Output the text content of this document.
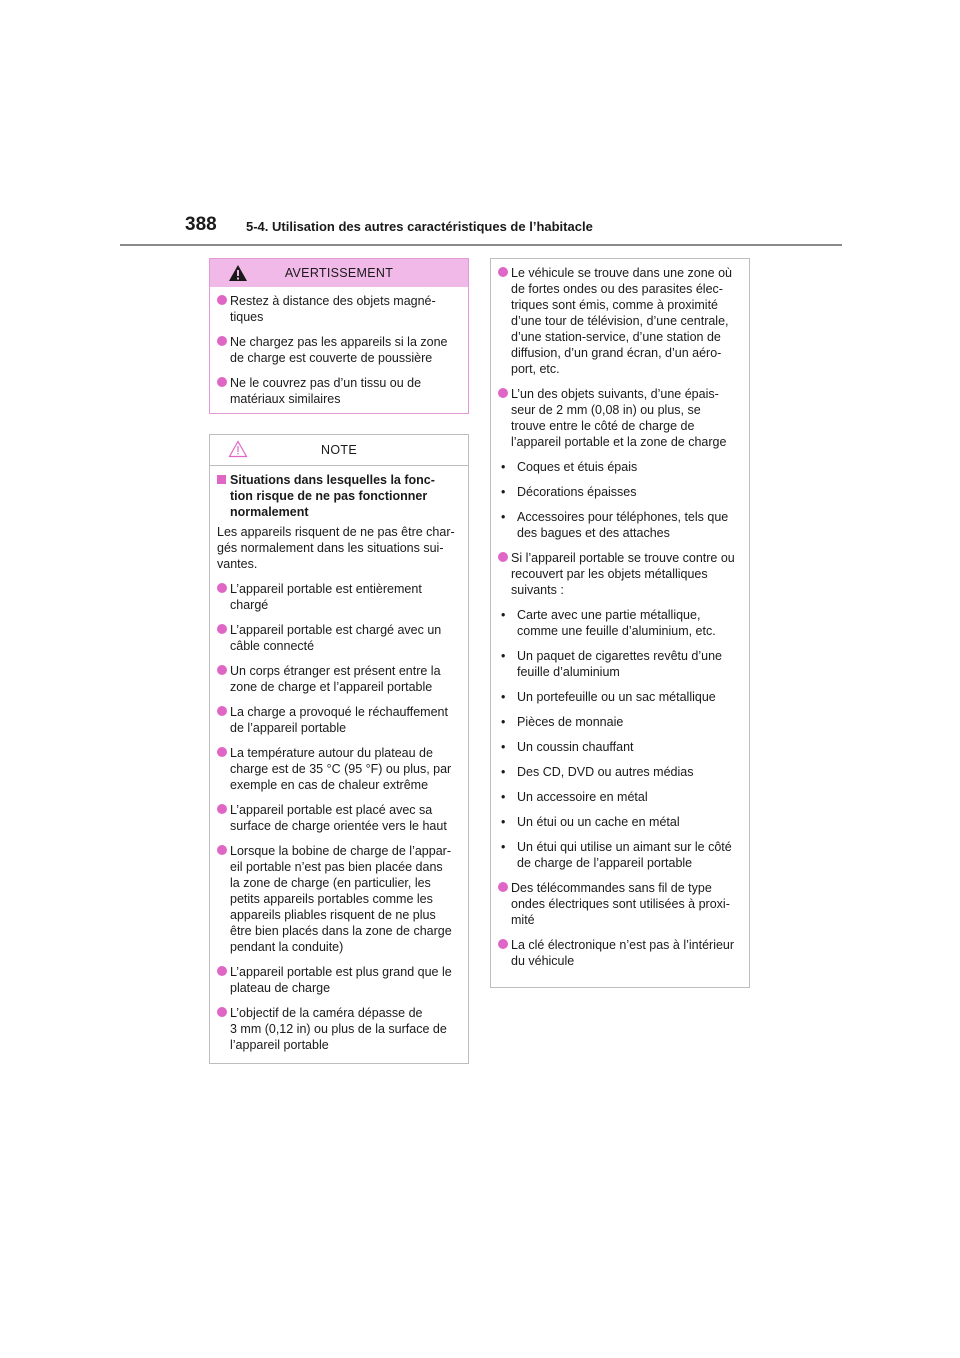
388 5-4. Utilisation des autres caractéristiques de l’habitacle
AVERTISSEMENT
Restez à distance des objets magné-
tiques
Ne chargez pas les appareils si la zone
de charge est couverte de poussière
Ne le couvrez pas d’un tissu ou de
matériaux similaires
NOTE
Situations dans lesquelles la fonc-
tion risque de ne pas fonctionner
normalement
Les appareils risquent de ne pas être char-
gés normalement dans les situations sui-
vantes.
L’appareil portable est entièrement
chargé
L’appareil portable est chargé avec un
câble connecté
Un corps étranger est présent entre la
zone de charge et l’appareil portable
La charge a provoqué le réchauffement
de l’appareil portable
La température autour du plateau de
charge est de 35 °C (95 °F) ou plus, par
exemple en cas de chaleur extrême
L’appareil portable est placé avec sa
surface de charge orientée vers le haut
Lorsque la bobine de charge de l’appar-
eil portable n’est pas bien placée dans
la zone de charge (en particulier, les
petits appareils portables comme les
appareils pliables risquent de ne plus
être bien placés dans la zone de charge
pendant la conduite)
L’appareil portable est plus grand que le
plateau de charge
L’objectif de la caméra dépasse de
3 mm (0,12 in) ou plus de la surface de
l’appareil portable
Le véhicule se trouve dans une zone où
de fortes ondes ou des parasites élec-
triques sont émis, comme à proximité
d’une tour de télévision, d’une centrale,
d’une station-service, d’une station de
diffusion, d’un grand écran, d’un aéro-
port, etc.
L’un des objets suivants, d’une épais-
seur de 2 mm (0,08 in) ou plus, se
trouve entre le côté de charge de
l’appareil portable et la zone de charge
• Coques et étuis épais
• Décorations épaisses
• Accessoires pour téléphones, tels que
des bagues et des attaches
Si l’appareil portable se trouve contre ou
recouvert par les objets métalliques
suivants :
• Carte avec une partie métallique,
comme une feuille d’aluminium, etc.
• Un paquet de cigarettes revêtu d’une
feuille d’aluminium
• Un portefeuille ou un sac métallique
• Pièces de monnaie
• Un coussin chauffant
• Des CD, DVD ou autres médias
• Un accessoire en métal
• Un étui ou un cache en métal
• Un étui qui utilise un aimant sur le côté
de charge de l’appareil portable
Des télécommandes sans fil de type
ondes électriques sont utilisées à proxi-
mité
La clé électronique n’est pas à l’intérieur
du véhicule
